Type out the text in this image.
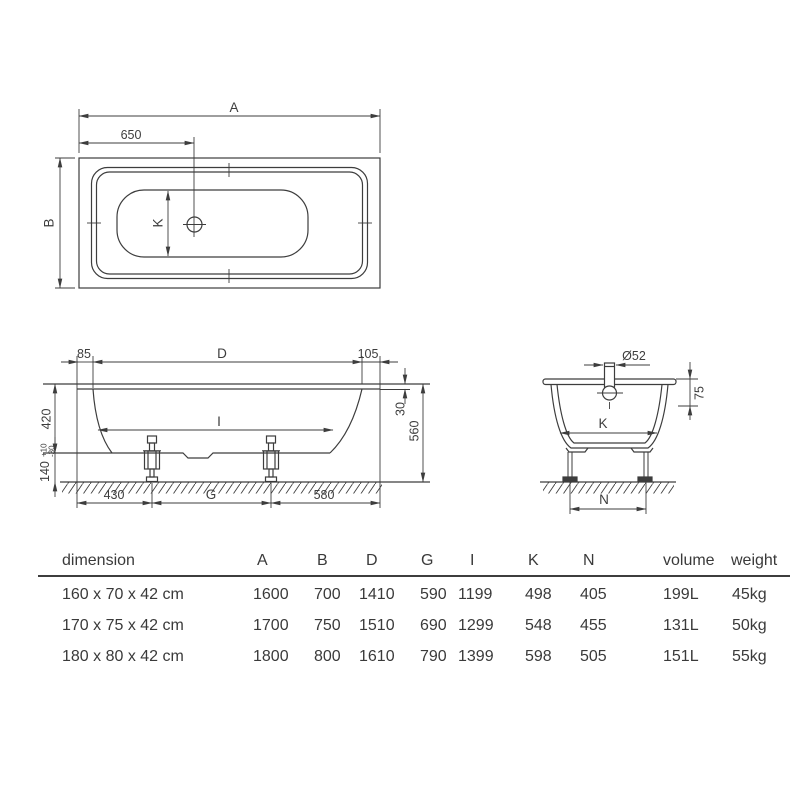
A
650
B	K
85	D	105
420
140
+10 -30
I
30
560
430	G	580
Ø52
75
K
N
dimension	A	B D	G I	K	N	volume weight
160 x 70 x 42 cm	1600 700 1410 590 1199 498 405	199L 45kg
170 x 75 x 42 cm	1700 750 1510 690 1299 548 455	131L 50kg
180 x 80 x 42 cm	1800 800 1610 790 1399 598 505	151L 55kg
